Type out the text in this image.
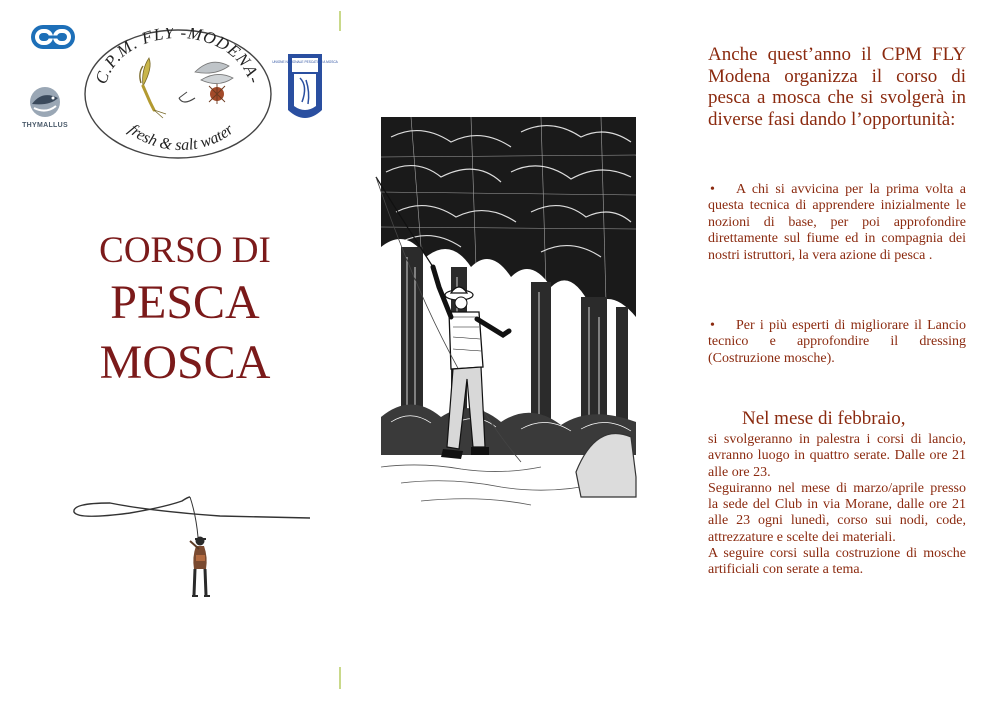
THYMALLUS
C.P.M. FLY -MODENA-
fresh & salt water
UNIONE NAZIONALE PESCATORI A MOSCA
CORSO DI
PESCA
MOSCA
Anche quest’anno il CPM FLY Modena organizza il corso di pesca a mosca che si svolgerà in diverse fasi dando l’opportunità:
•A chi si avvicina per la prima volta a questa tecnica di apprendere inizialmente le nozioni di base, per poi approfondire direttamente sul fiume ed in compagnia dei nostri istruttori, la vera azione di pesca .
•Per i più esperti di migliorare il Lancio tecnico e approfondire il dressing (Costruzione mosche).
Nel mese di febbraio,

si svolgeranno in palestra i corsi di lancio, avranno luogo in quattro serate. Dalle ore 21 alle ore 23.

Seguiranno nel mese di marzo/aprile presso la sede del Club in via Morane, dalle ore 21 alle 23 ogni lunedì, corso sui nodi, code, attrezzature e scelte dei materiali.

A seguire corsi sulla costruzione di mosche artificiali con serate a tema.
